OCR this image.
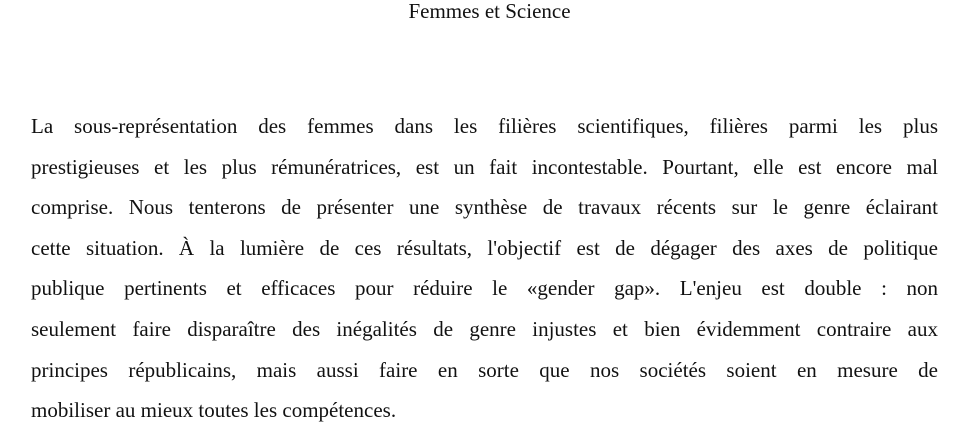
Femmes et Science
La sous-représentation des femmes dans les filières scientifiques, filières parmi les plus
prestigieuses et les plus rémunératrices, est un fait incontestable. Pourtant, elle est encore mal
comprise. Nous tenterons de présenter une synthèse de travaux récents sur le genre éclairant
cette situation. À la lumière de ces résultats, l'objectif est de dégager des axes de politique
publique pertinents et efficaces pour réduire le «gender gap». L'enjeu est double : non
seulement faire disparaître des inégalités de genre injustes et bien évidemment contraire aux
principes républicains, mais aussi faire en sorte que nos sociétés soient en mesure de
mobiliser au mieux toutes les compétences.
